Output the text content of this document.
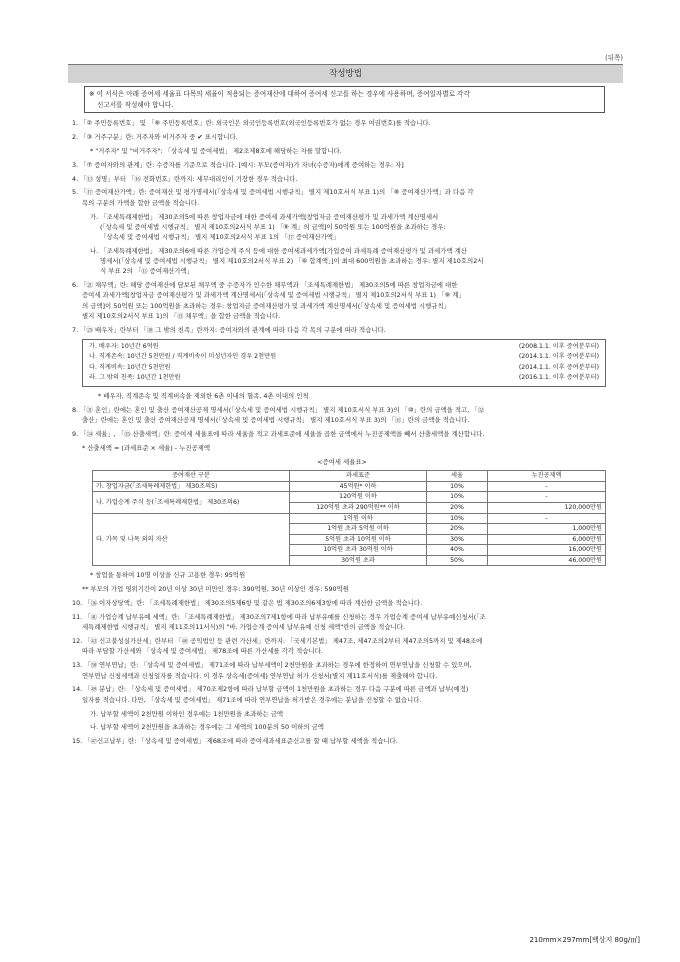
(뒤쪽)
작성방법
※ 이 서식은 아래 증여세 세율표 다목의 세율이 적용되는 증여재산에 대하여 증여세 신고를 하는 경우에 사용하며, 증여일자별로 각각
신고서를 작성해야 합니다.
1. 「② 주민등록번호」 및 「⑨ 주민등록번호」란: 외국인은 외국인등록번호(외국인등록번호가 없는 경우 여권번호)를 적습니다.
2. 「③ 거주구분」란: 거주자와 비거주자 중 ✔ 표시합니다.
* "거주자" 및 "비거주자": 「상속세 및 증여세법」 제2조제8호에 해당하는 자를 말합니다.
3. 「⑦ 증여자와의 관계」란: 수증자를 기준으로 적습니다. [예시: 부모(증여자)가 자녀(수증자)에게 증여하는 경우: 자]
4. 「⑬ 성명」부터 「⑯ 전화번호」란까지: 세무대리인이 기장한 경우 적습니다.
5. 「⑰ 증여재산가액」란: 증여재산 및 평가명세서(「상속세 및 증여세법 시행규칙」 별지 제10호서식 부표 1)의 「⑧ 증여재산가액」과 다음 각
목의 구분의 가액을 합한 금액을 적습니다.
가. 「조세특례제한법」 제30조의5에 따른 창업자금에 대한 증여세 과세가액[창업자금 증여재산평가 및 과세가액 계산명세서
(「상속세 및 증여세법 시행규칙」 별지 제10호의2서식 부표 1) 「⑨ 계」의 금액]이 50억원 또는 100억원을 초과하는 경우:
「상속세 및 증여세법 시행규칙」 별지 제10호의2서식 부표 1의 「⑰ 증여재산가액」
나. 「조세특례제한법」 제30조의6에 따른 가업승계 주식 등에 대한 증여세과세가액[가업증여 과세특례 증여재산평가 및 과세가액 계산
명세서(「상속세 및 증여세법 시행규칙」 별지 제10호의2서식 부표 2) 「⑥ 합계액」]이 최대 600억원을 초과하는 경우: 별지 제10호의2서
식 부표 2의 「⑬ 증여재산가액」
6. 「㉑ 채무액」란: 해당 증여재산에 담보된 채무액 중 수증자가 인수한 채무액과 「조세특례제한법」 제30조의5에 따른 창업자금에 대한
증여세 과세가액[창업자금 증여재산평가 및 과세가액 계산명세서(「상속세 및 증여세법 시행규칙」 별지 제10호의2서식 부표 1) 「⑨ 계」
의 금액]이 50억원 또는 100억원을 초과하는 경우: 창업자금 증여재산평가 및 과세가액 계산명세서(「상속세 및 증여세법 시행규칙」
별지 제10호의2서식 부표 1)의 「⑬ 채무액」을 합한 금액을 적습니다.
7. 「㉕ 배우자」란부터 「㉚ 그 밖의 친족」란까지: 증여자와의 관계에 따라 다음 각 목의 구분에 따라 적습니다.
가. 배우자: 10년간 6억원	(2008.1.1. 이후 증여분부터)
나. 직계존속: 10년간 5천만원 / 직계비속이 미성년자인 경우 2천만원	(2014.1.1. 이후 증여분부터)
다. 직계비속: 10년간 5천만원	(2014.1.1. 이후 증여분부터)
라. 그 밖의 친족: 10년간 1천만원	(2016.1.1. 이후 증여분부터)
* 배우자, 직계존속 및 직계비속을 제외한 6촌 이내의 혈족, 4촌 이내의 인척
8. 「㉛ 혼인」란에는 혼인 및 출산 증여재산공제 명세서(「상속세 및 증여세법 시행규칙」 별지 제10호서식 부표 3)의 「⑩」란의 금액을 적고, 「㉜
출산」란에는 혼인 및 출산 증여재산공제 명세서(「상속세 및 증여세법 시행규칙」 별지 제10호서식 부표 3)의 「⑪」란의 금액을 적습니다.
9. 「㉞ 세율」, 「㉟ 산출세액」란: 증여세 세율표에 따라 세율을 적고 과세표준에 세율을 곱한 금액에서 누진공제액을 빼서 산출세액을 계산합니다.
* 산출세액 = (과세표준 × 세율) - 누진공제액
<증여세 세율표>
증여재산 구분	과세표준	세율	누진공제액
가. 창업자금(「조세특례제한법」 제30조의5)	45억원* 이하	10%	-
나. 가업승계 주식 등(「조세특례제한법」 제30조의6)	120억원 이하	10%	-
	120억원 초과 290억원** 이하	20%	120,000만원
다. 가목 및 나목 외의 자산	1억원 이하	10%	-
	1억원 초과 5억원 이하	20%	1,000만원
	5억원 초과 10억원 이하	30%	6,000만원
	10억원 초과 30억원 이하	40%	16,000만원
	30억원 초과	50%	46,000만원
* 창업을 통하여 10명 이상을 신규 고용한 경우: 95억원
** 부모의 가업 영위기간이 20년 이상 30년 미만인 경우: 390억원, 30년 이상인 경우: 590억원
10. 「㊱ 이자상당액」란: 「조세특례제한법」 제30조의5제6항 및 같은 법 제30조의6제3항에 따라 계산한 금액을 적습니다.
11. 「㊶ 가업승계 납부유예 세액」란: 「조세특례제한법」 제30조의7제1항에 따라 납부유예를 신청하는 경우 가업승계 증여세 납부유예신청서(「조
세특례제한법 시행규칙」 별지 제11호의11서식)의 "바. 가업승계 증여세 납부유예 신청 세액"란의 금액을 적습니다.
12. 「㊸ 신고불성실가산세」란부터 「㊽ 공익법인 등 관련 가산세」란까지: 「국세기본법」 제47조, 제47조의2부터 제47조의5까지 및 제48조에
따라 부담할 가산세와 「상속세 및 증여세법」 제78조에 따른 가산세를 각각 적습니다.
13. 「㊿ 연부연납」란: 「상속세 및 증여세법」 제71조에 따라 납부세액이 2천만원을 초과하는 경우에 한정하여 연부연납을 신청할 수 있으며,
연부연납 신청세액과 신청일자를 적습니다. 이 경우 상속세(증여세) 연부연납 허가 신청서(별지 제11호서식)를 제출해야 합니다.
14. 「㊾ 분납」란: 「상속세 및 증여세법」 제70조제2항에 따라 납부할 금액이 1천만원을 초과하는 경우 다음 구분에 따른 금액과 납부(예정)
일자를 적습니다. 다만, 「상속세 및 증여세법」 제71조에 따라 연부연납을 허가받은 경우에는 분납을 신청할 수 없습니다.
가. 납부할 세액이 2천만원 이하인 경우에는 1천만원을 초과하는 금액
나. 납부할 세액이 2천만원을 초과하는 경우에는 그 세액의 100분의 50 이하의 금액
15. 「㊼신고납부」란: 「상속세 및 증여세법」 제68조에 따라 증여세과세표준신고를 할 때 납부할 세액을 적습니다.
210mm×297mm[백상지 80g/㎡]
